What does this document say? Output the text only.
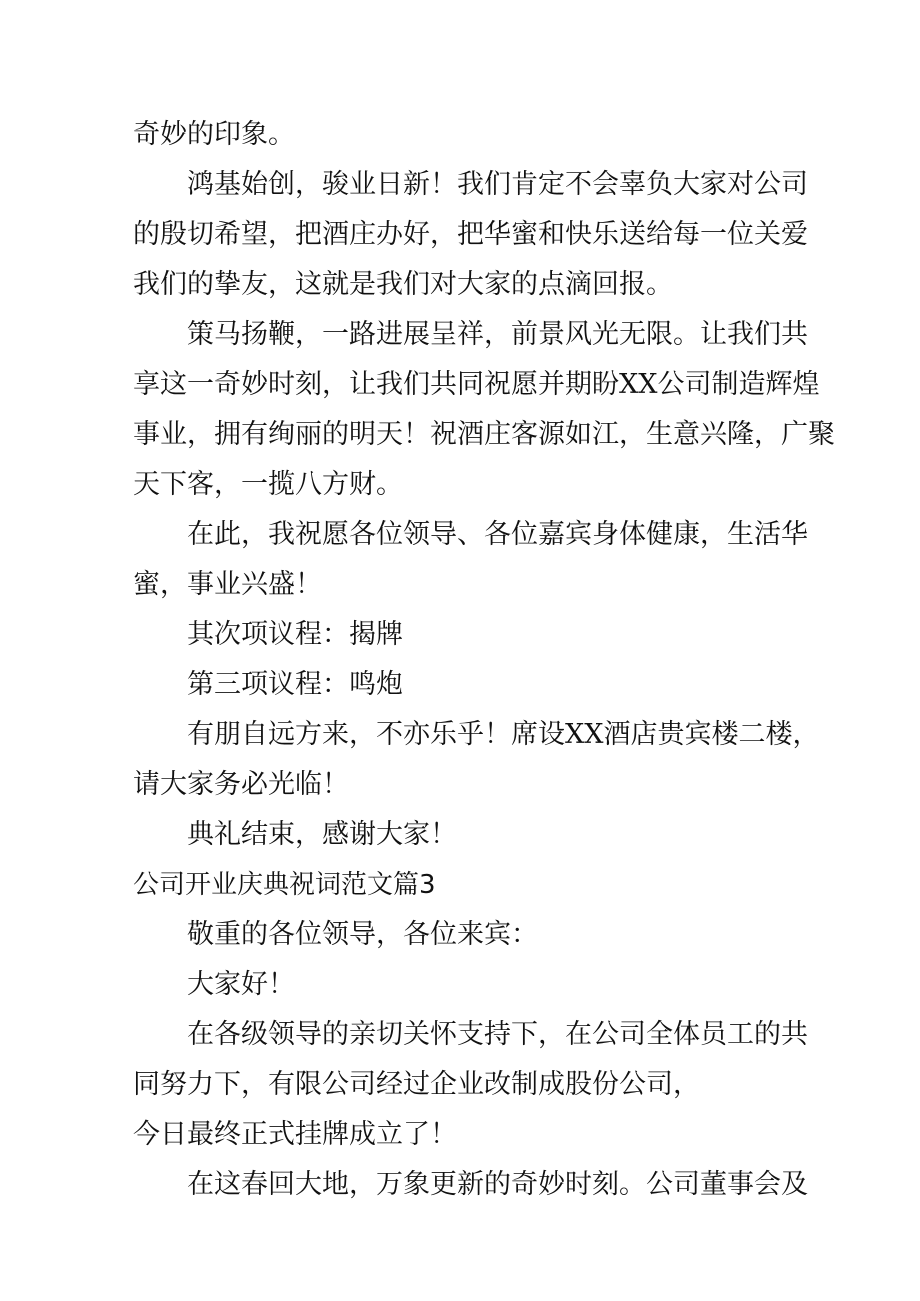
奇妙的印象。
鸿基始创，骏业日新！我们肯定不会辜负大家对公司
的殷切希望，把酒庄办好，把华蜜和快乐送给每一位关爱
我们的挚友，这就是我们对大家的点滴回报。
策马扬鞭，一路进展呈祥，前景风光无限。让我们共
享这一奇妙时刻，让我们共同祝愿并期盼XX公司制造辉煌
事业，拥有绚丽的明天！祝酒庄客源如江，生意兴隆，广聚
天下客，一揽八方财。
在此，我祝愿各位领导、各位嘉宾身体健康，生活华
蜜，事业兴盛！
其次项议程：揭牌
第三项议程：鸣炮
有朋自远方来，不亦乐乎！席设XX酒店贵宾楼二楼，
请大家务必光临！
典礼结束，感谢大家！
公司开业庆典祝词范文篇3
敬重的各位领导，各位来宾：
大家好！
在各级领导的亲切关怀支持下，在公司全体员工的共
同努力下，有限公司经过企业改制成股份公司，
今日最终正式挂牌成立了！
在这春回大地，万象更新的奇妙时刻。公司董事会及
